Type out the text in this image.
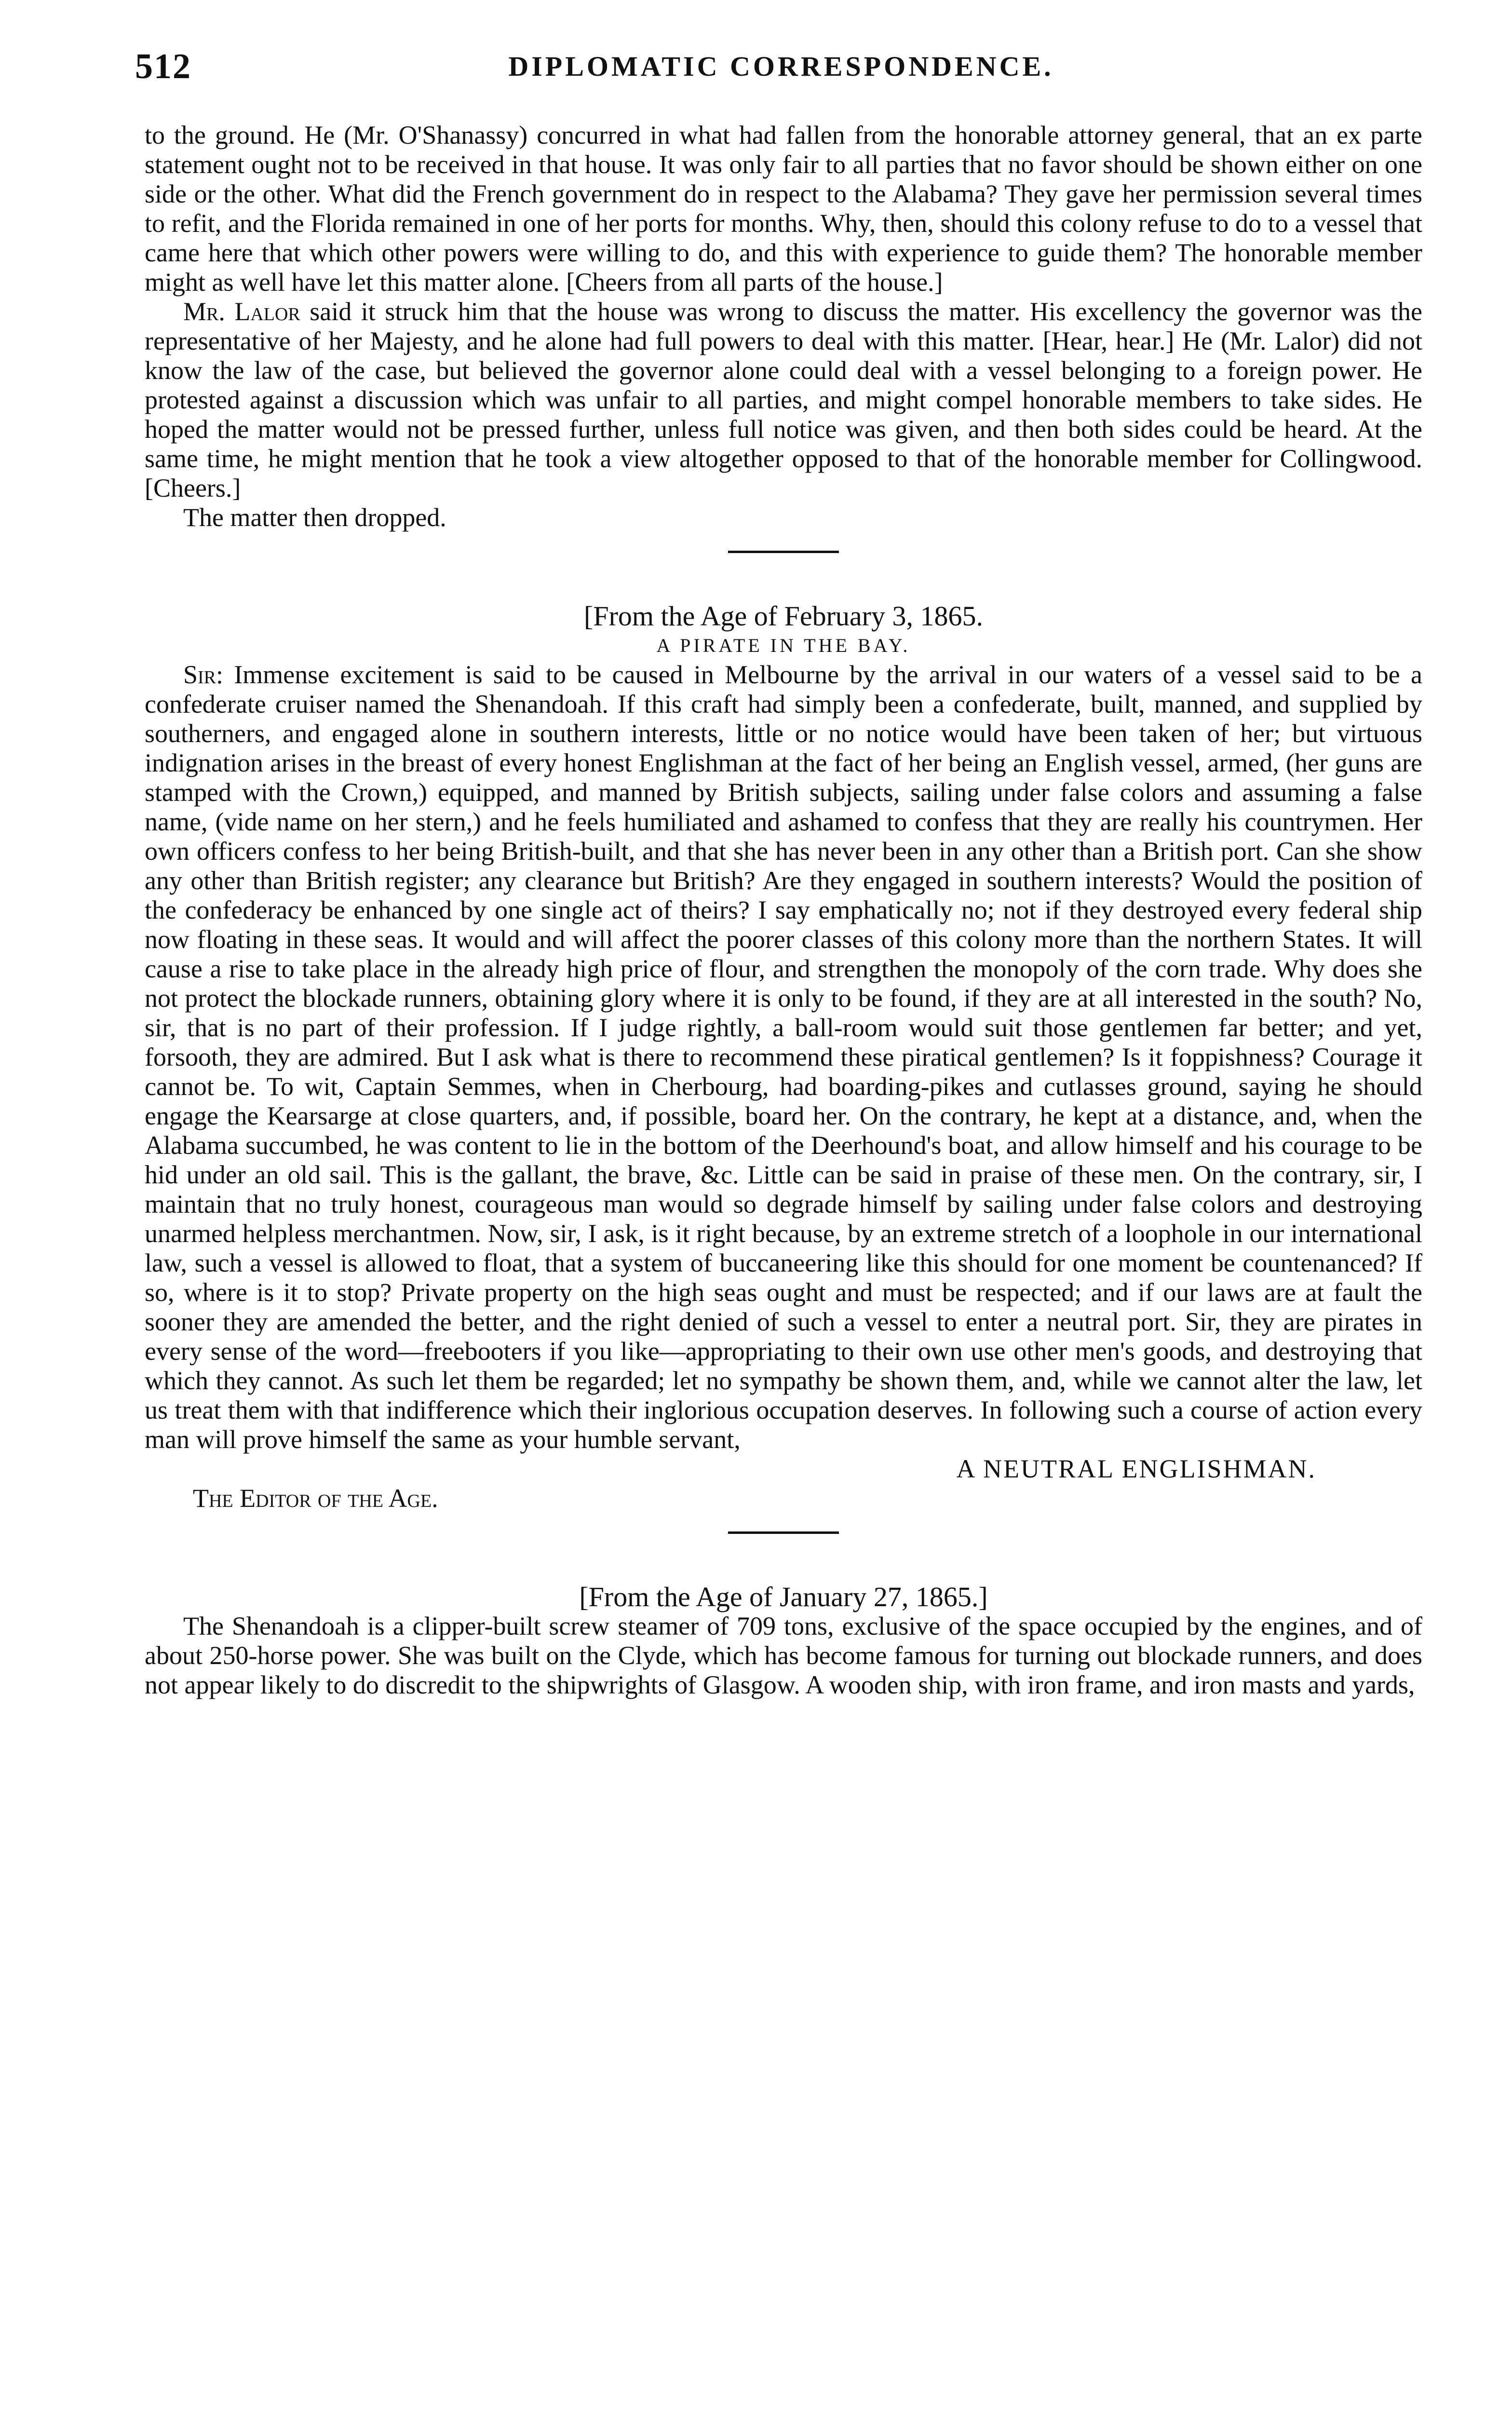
512	DIPLOMATIC CORRESPONDENCE.

to the ground. He (Mr. O'Shanassy) concurred in what had fallen from the honorable attorney general, that an ex parte statement ought not to be received in that house. It was only fair to all parties that no favor should be shown either on one side or the other. What did the French government do in respect to the Alabama? They gave her permission several times to refit, and the Florida remained in one of her ports for months. Why, then, should this colony refuse to do to a vessel that came here that which other powers were willing to do, and this with experience to guide them? The honorable member might as well have let this matter alone. [Cheers from all parts of the house.]

Mr. Lalor said it struck him that the house was wrong to discuss the matter. His excellency the governor was the representative of her Majesty, and he alone had full powers to deal with this matter. [Hear, hear.] He (Mr. Lalor) did not know the law of the case, but believed the governor alone could deal with a vessel belonging to a foreign power. He protested against a discussion which was unfair to all parties, and might compel honorable members to take sides. He hoped the matter would not be pressed further, unless full notice was given, and then both sides could be heard. At the same time, he might mention that he took a view altogether opposed to that of the honorable member for Collingwood. [Cheers.]

The matter then dropped.

[From the Age of February 3, 1865.

A PIRATE IN THE BAY.

Sir: Immense excitement is said to be caused in Melbourne by the arrival in our waters of a vessel said to be a confederate cruiser named the Shenandoah. If this craft had simply been a confederate, built, manned, and supplied by southerners, and engaged alone in southern interests, little or no notice would have been taken of her; but virtuous indignation arises in the breast of every honest Englishman at the fact of her being an English vessel, armed, (her guns are stamped with the Crown,) equipped, and manned by British subjects, sailing under false colors and assuming a false name, (vide name on her stern,) and he feels humiliated and ashamed to confess that they are really his countrymen. Her own officers confess to her being British-built, and that she has never been in any other than a British port. Can she show any other than British register; any clearance but British? Are they engaged in southern interests? Would the position of the confederacy be enhanced by one single act of theirs? I say emphatically no; not if they destroyed every federal ship now floating in these seas. It would and will affect the poorer classes of this colony more than the northern States. It will cause a rise to take place in the already high price of flour, and strengthen the monopoly of the corn trade. Why does she not protect the blockade runners, obtaining glory where it is only to be found, if they are at all interested in the south? No, sir, that is no part of their profession. If I judge rightly, a ball-room would suit those gentlemen far better; and yet, forsooth, they are admired. But I ask what is there to recommend these piratical gentlemen? Is it foppishness? Courage it cannot be. To wit, Captain Semmes, when in Cherbourg, had boarding-pikes and cutlasses ground, saying he should engage the Kearsarge at close quarters, and, if possible, board her. On the contrary, he kept at a distance, and, when the Alabama succumbed, he was content to lie in the bottom of the Deerhound's boat, and allow himself and his courage to be hid under an old sail. This is the gallant, the brave, &c. Little can be said in praise of these men. On the contrary, sir, I maintain that no truly honest, courageous man would so degrade himself by sailing under false colors and destroying unarmed helpless merchantmen. Now, sir, I ask, is it right because, by an extreme stretch of a loophole in our international law, such a vessel is allowed to float, that a system of buccaneering like this should for one moment be countenanced? If so, where is it to stop? Private property on the high seas ought and must be respected; and if our laws are at fault the sooner they are amended the better, and the right denied of such a vessel to enter a neutral port. Sir, they are pirates in every sense of the word—freebooters if you like—appropriating to their own use other men's goods, and destroying that which they cannot. As such let them be regarded; let no sympathy be shown them, and, while we cannot alter the law, let us treat them with that indifference which their inglorious occupation deserves. In following such a course of action every man will prove himself the same as your humble servant,

A NEUTRAL ENGLISHMAN.

The Editor of the Age.

[From the Age of January 27, 1865.]

The Shenandoah is a clipper-built screw steamer of 709 tons, exclusive of the space occupied by the engines, and of about 250-horse power. She was built on the Clyde, which has become famous for turning out blockade runners, and does not appear likely to do discredit to the shipwrights of Glasgow. A wooden ship, with iron frame, and iron masts and yards,
